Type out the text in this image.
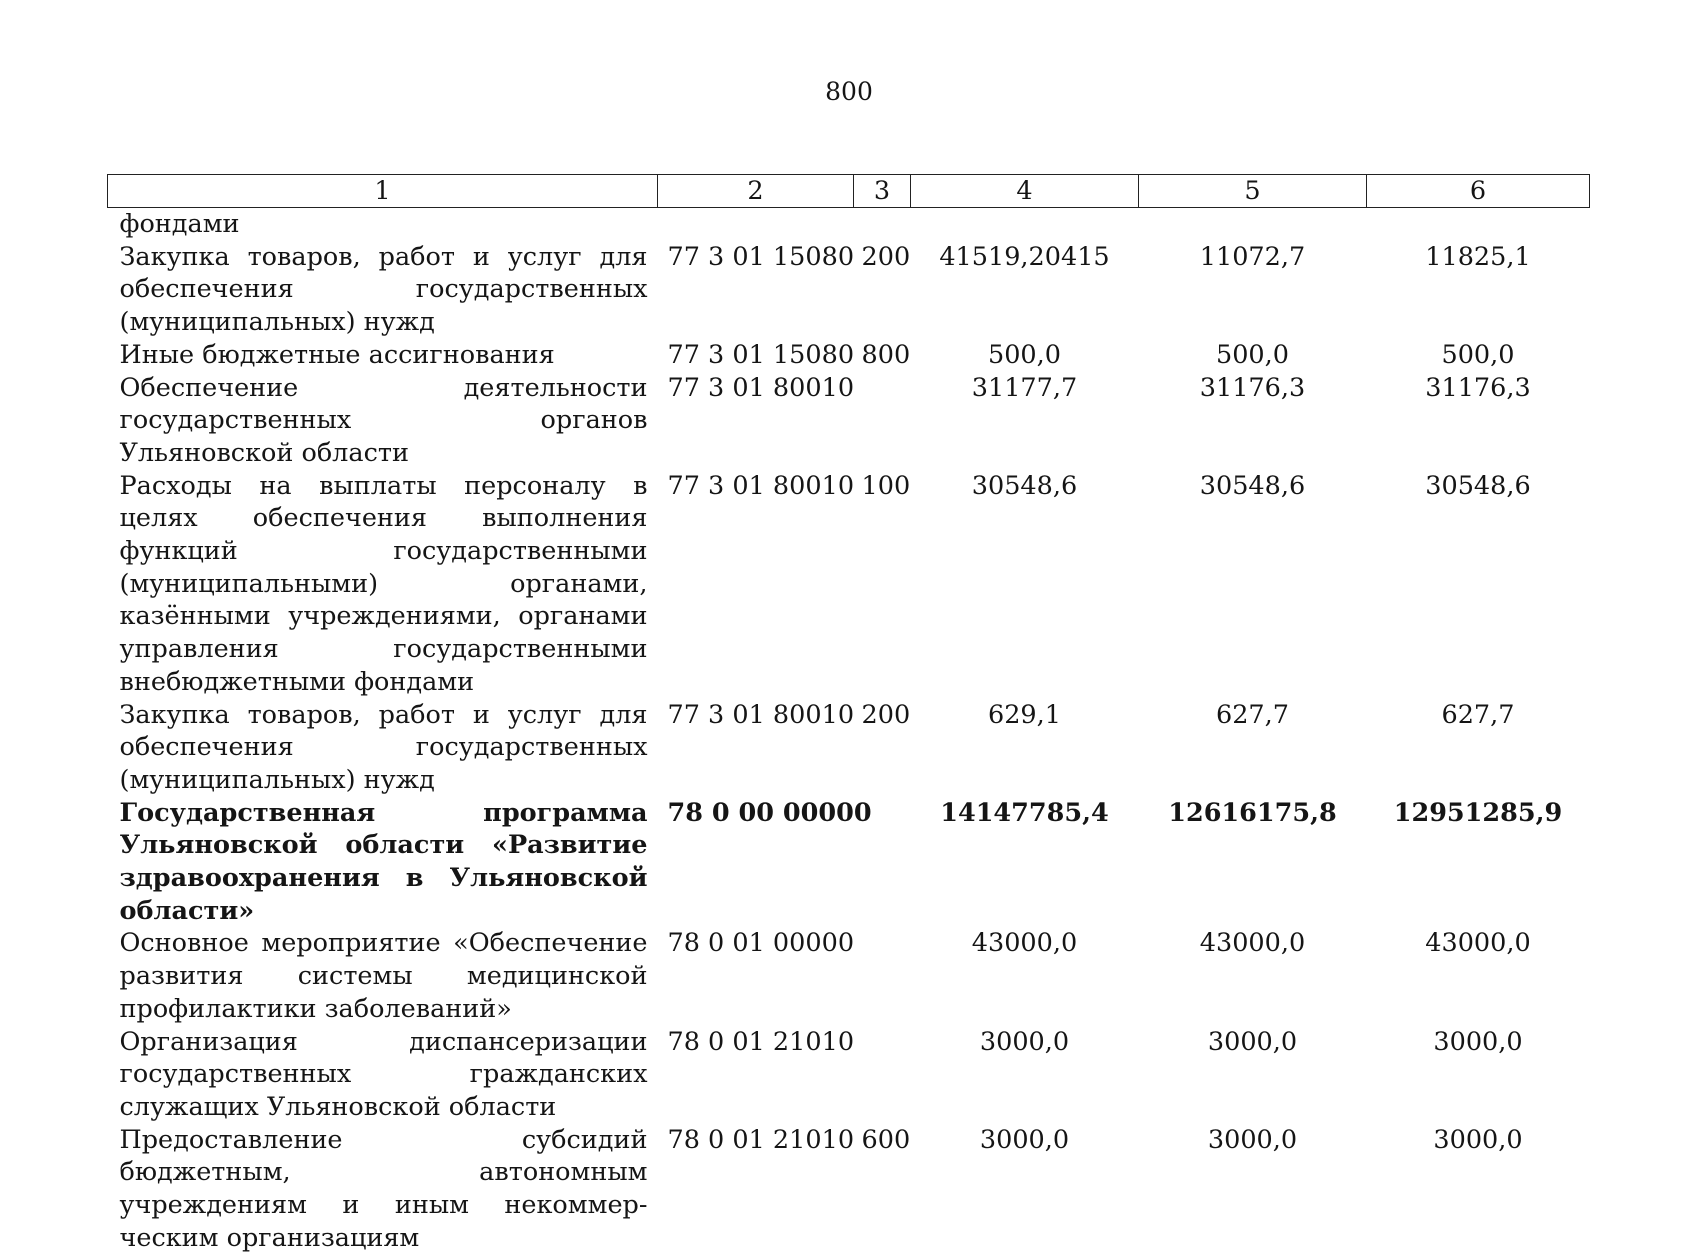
800
1	2	3	4	5	6
фондами					
Закупка товаров, работ и услуг для обеспечения государственных (муниципальных) нужд	77 3 01 15080	200	41519,20415	11072,7	11825,1
Иные бюджетные ассигнования	77 3 01 15080	800	500,0	500,0	500,0
Обеспечение деятельности государственных органов Ульяновской области	77 3 01 80010		31177,7	31176,3	31176,3
Расходы на выплаты персоналу в целях обеспечения выполнения функций государственными (муниципальными) органами, казёнными учреждениями, органами управления государственными внебюджетными фондами	77 3 01 80010	100	30548,6	30548,6	30548,6
Закупка товаров, работ и услуг для обеспечения государственных (муниципальных) нужд	77 3 01 80010	200	629,1	627,7	627,7
Государственная программа Ульяновской области «Развитие здравоохранения в Ульяновской области»	78 0 00 00000		14147785,4	12616175,8	12951285,9
Основное мероприятие «Обеспечение развития системы медицинской профилактики заболеваний»	78 0 01 00000		43000,0	43000,0	43000,0
Организация диспансеризации государственных гражданских служащих Ульяновской области	78 0 01 21010		3000,0	3000,0	3000,0
Предоставление субсидий бюджетным, автономным учреждениям и иным некоммерческим организациям	78 0 01 21010	600	3000,0	3000,0	3000,0
